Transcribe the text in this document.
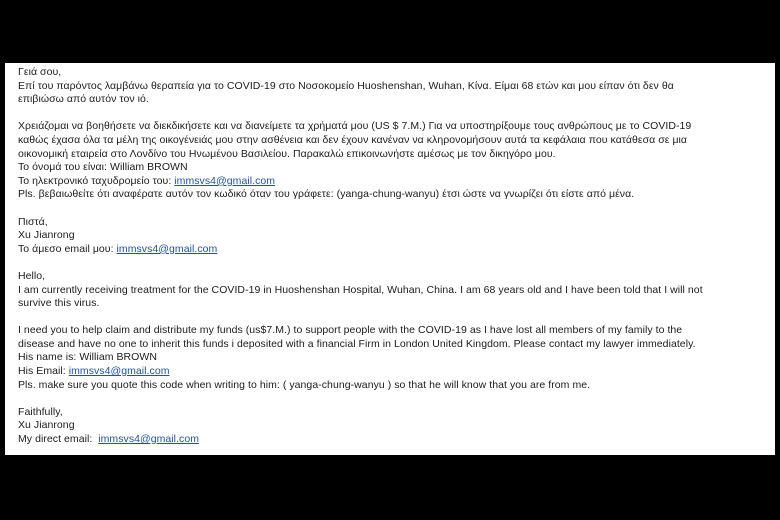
Γειά σου,
Επί του παρόντος λαμβάνω θεραπεία για το COVID-19 στο Νοσοκομείο Huoshenshan, Wuhan, Κίνα. Είμαι 68 ετών και μου είπαν ότι δεν θα
επιβιώσω από αυτόν τον ιό.
Χρειάζομαι να βοηθήσετε να διεκδικήσετε και να διανείμετε τα χρήματά μου (US $ 7.M.) Για να υποστηρίξουμε τους ανθρώπους με το COVID-19
καθώς έχασα όλα τα μέλη της οικογένειάς μου στην ασθένεια και δεν έχουν κανέναν να κληρονομήσουν αυτά τα κεφάλαια που κατάθεσα σε μια
οικονομική εταιρεία στο Λονδίνο του Ηνωμένου Βασιλείου. Παρακαλώ επικοινωνήστε αμέσως με τον δικηγόρο μου.
Το όνομά του είναι: William BROWN
Το ηλεκτρονικό ταχυδρομείο του: immsvs4@gmail.com
Pls. βεβαιωθείτε ότι αναφέρατε αυτόν τον κωδικό όταν του γράφετε: (yanga-chung-wanyu) έτσι ώστε να γνωρίζει ότι είστε από μένα.
Πιστά,
Xu Jianrong
Το άμεσο email μου: immsvs4@gmail.com
Hello,
I am currently receiving treatment for the COVID-19 in Huoshenshan Hospital, Wuhan, China. I am 68 years old and I have been told that I will not
survive this virus.
I need you to help claim and distribute my funds (us$7.M.) to support people with the COVID-19 as I have lost all members of my family to the
disease and have no one to inherit this funds i deposited with a financial Firm in London United Kingdom. Please contact my lawyer immediately.
His name is: William BROWN
His Email: immsvs4@gmail.com
Pls. make sure you quote this code when writing to him: ( yanga-chung-wanyu ) so that he will know that you are from me.
Faithfully,
Xu Jianrong
My direct email:  immsvs4@gmail.com
